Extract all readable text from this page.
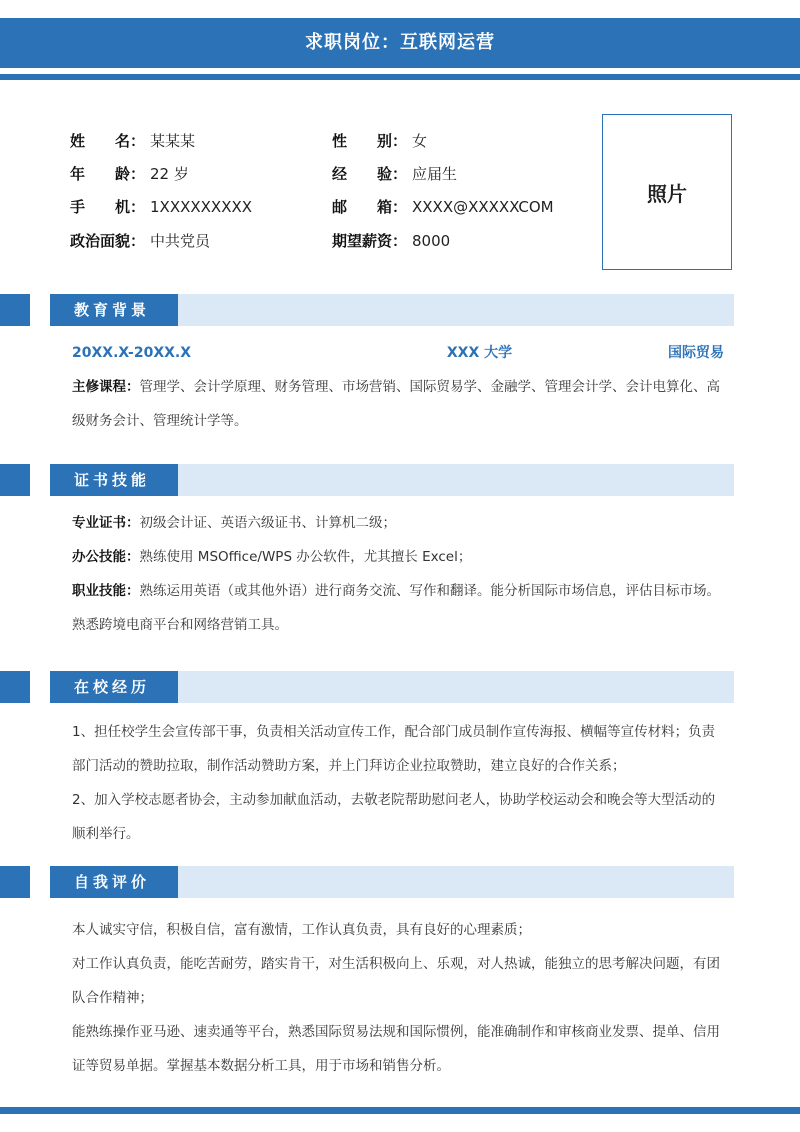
求职岗位：互联网运营
姓　　名： 某某某
年　　龄： 22 岁
手　　机： 1XXXXXXXXX
政治面貌： 中共党员
性　　别： 女
经　　验： 应届生
邮　　箱： XXXX@XXXXXCOM
期望薪资： 8000
照片
教育背景
20XX.X-20XX.X	XXX 大学	国际贸易

主修课程：管理学、会计学原理、财务管理、市场营销、国际贸易学、金融学、管理会计学、会计电算化、高级财务会计、管理统计学等。

证书技能

专业证书：初级会计证、英语六级证书、计算机二级；

办公技能：熟练使用 MSOffice/WPS 办公软件，尤其擅长 Excel；

职业技能：熟练运用英语（或其他外语）进行商务交流、写作和翻译。能分析国际市场信息，评估目标市场。熟悉跨境电商平台和网络营销工具。

在校经历

1、担任校学生会宣传部干事，负责相关活动宣传工作，配合部门成员制作宣传海报、横幅等宣传材料；负责部门活动的赞助拉取，制作活动赞助方案，并上门拜访企业拉取赞助，建立良好的合作关系；

2、加入学校志愿者协会，主动参加献血活动，去敬老院帮助慰问老人，协助学校运动会和晚会等大型活动的顺利举行。

自我评价

本人诚实守信，积极自信，富有激情，工作认真负责，具有良好的心理素质；

对工作认真负责，能吃苦耐劳，踏实肯干，对生活积极向上、乐观，对人热诚，能独立的思考解决问题，有团队合作精神；

能熟练操作亚马逊、速卖通等平台，熟悉国际贸易法规和国际惯例，能准确制作和审核商业发票、提单、信用证等贸易单据。掌握基本数据分析工具，用于市场和销售分析。
